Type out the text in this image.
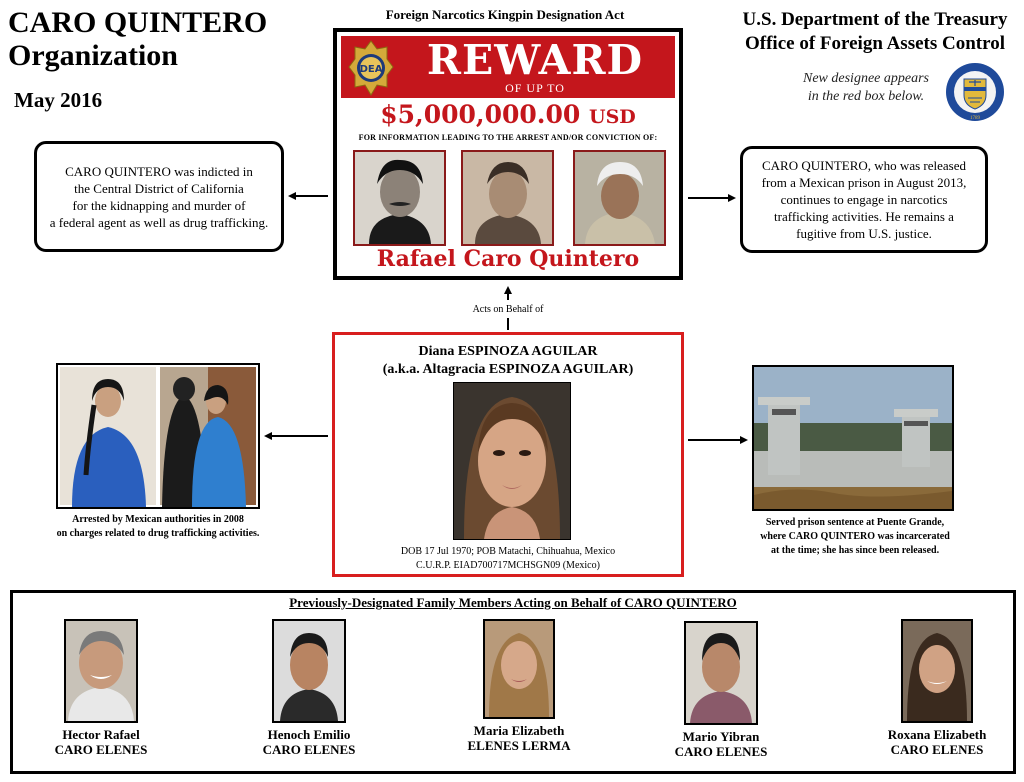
CARO QUINTERO
Organization
May 2016
U.S. Department of the Treasury
Office of Foreign Assets Control
New designee appears
in the red box below.
1789
Foreign Narcotics Kingpin Designation Act
DEA	REWARD
OF UP TO
$5,000,000.00 USD
FOR INFORMATION LEADING TO THE ARREST AND/OR CONVICTION OF:
Rafael Caro Quintero
CARO QUINTERO was indicted in
the Central District of California
for the kidnapping and murder of
a federal agent as well as drug trafficking.
CARO QUINTERO, who was released
from a Mexican prison in August 2013,
continues to engage in narcotics
trafficking activities. He remains a
fugitive from U.S. justice.
Acts on Behalf of
Diana ESPINOZA AGUILAR
(a.k.a. Altagracia ESPINOZA AGUILAR)
DOB 17 Jul 1970; POB Matachi, Chihuahua, Mexico
C.U.R.P. EIAD700717MCHSGN09 (Mexico)
Arrested by Mexican authorities in 2008
on charges related to drug trafficking activities.
Served prison sentence at Puente Grande,
where CARO QUINTERO was incarcerated
at the time; she has since been released.
Previously-Designated Family Members Acting on Behalf of CARO QUINTERO
Hector Rafael
CARO ELENES
Henoch Emilio
CARO ELENES
Maria Elizabeth
ELENES LERMA
Mario Yibran
CARO ELENES
Roxana Elizabeth
CARO ELENES
